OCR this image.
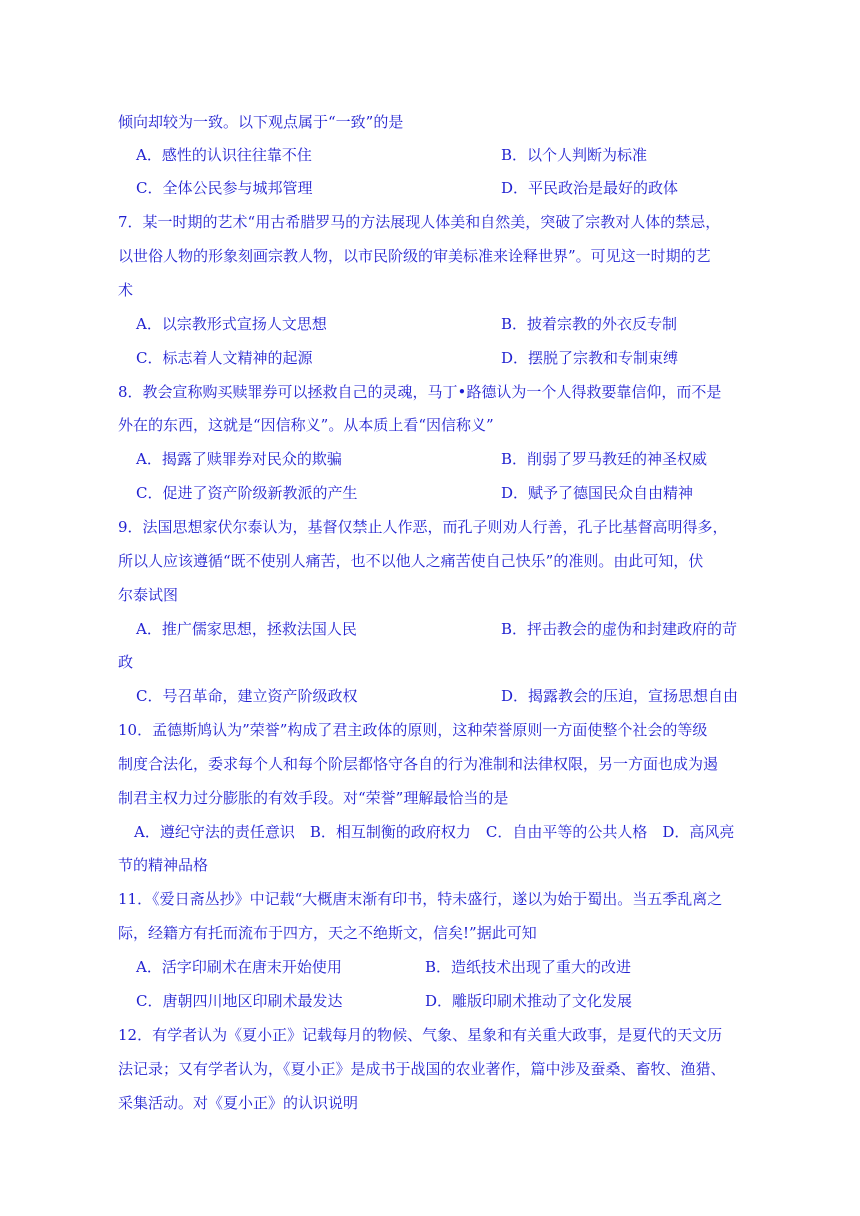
倾向却较为一致。以下观点属于“一致”的是
A．感性的认识往往靠不住	B．以个人判断为标准
C．全体公民参与城邦管理	D．平民政治是最好的政体
7．某一时期的艺术“用古希腊罗马的方法展现人体美和自然美，突破了宗教对人体的禁忌，
以世俗人物的形象刻画宗教人物，以市民阶级的审美标准来诠释世界”。可见这一时期的艺
术
A．以宗教形式宣扬人文思想	B．披着宗教的外衣反专制
C．标志着人文精神的起源	D．摆脱了宗教和专制束缚
8．教会宣称购买赎罪券可以拯救自己的灵魂，马丁•路德认为一个人得救要靠信仰，而不是
外在的东西，这就是“因信称义”。从本质上看“因信称义”
A．揭露了赎罪券对民众的欺骗	B．削弱了罗马教廷的神圣权威
C．促进了资产阶级新教派的产生	D．赋予了德国民众自由精神
9．法国思想家伏尔泰认为，基督仅禁止人作恶，而孔子则劝人行善，孔子比基督高明得多，
所以人应该遵循“既不使别人痛苦，也不以他人之痛苦使自己快乐”的准则。由此可知，伏
尔泰试图
A．推广儒家思想，拯救法国人民	B．抨击教会的虚伪和封建政府的苛
政
C．号召革命，建立资产阶级政权	D．揭露教会的压迫，宣扬思想自由
10．孟德斯鸠认为”荣誉”构成了君主政体的原则，这种荣誉原则一方面使整个社会的等级
制度合法化，委求每个人和每个阶层都恪守各自的行为准制和法律权限，另一方面也成为遏
制君主权力过分膨胀的有效手段。对“荣誉”理解最恰当的是
A．遵纪守法的责任意识　B．相互制衡的政府权力　C．自由平等的公共人格　D．高风亮
节的精神品格
11．《爱日斋丛抄》中记载“大概唐末渐有印书，特未盛行，遂以为始于蜀出。当五季乱离之
际，经籍方有托而流布于四方，天之不绝斯文，信矣!”据此可知
A．活字印刷术在唐末开始使用	B．造纸技术出现了重大的改进
C．唐朝四川地区印刷术最发达	D．雕版印刷术推动了文化发展
12．有学者认为《夏小正》记载每月的物候、气象、星象和有关重大政事，是夏代的天文历
法记录；又有学者认为，《夏小正》是成书于战国的农业著作，篇中涉及蚕桑、畜牧、渔猎、
采集活动。对《夏小正》的认识说明
